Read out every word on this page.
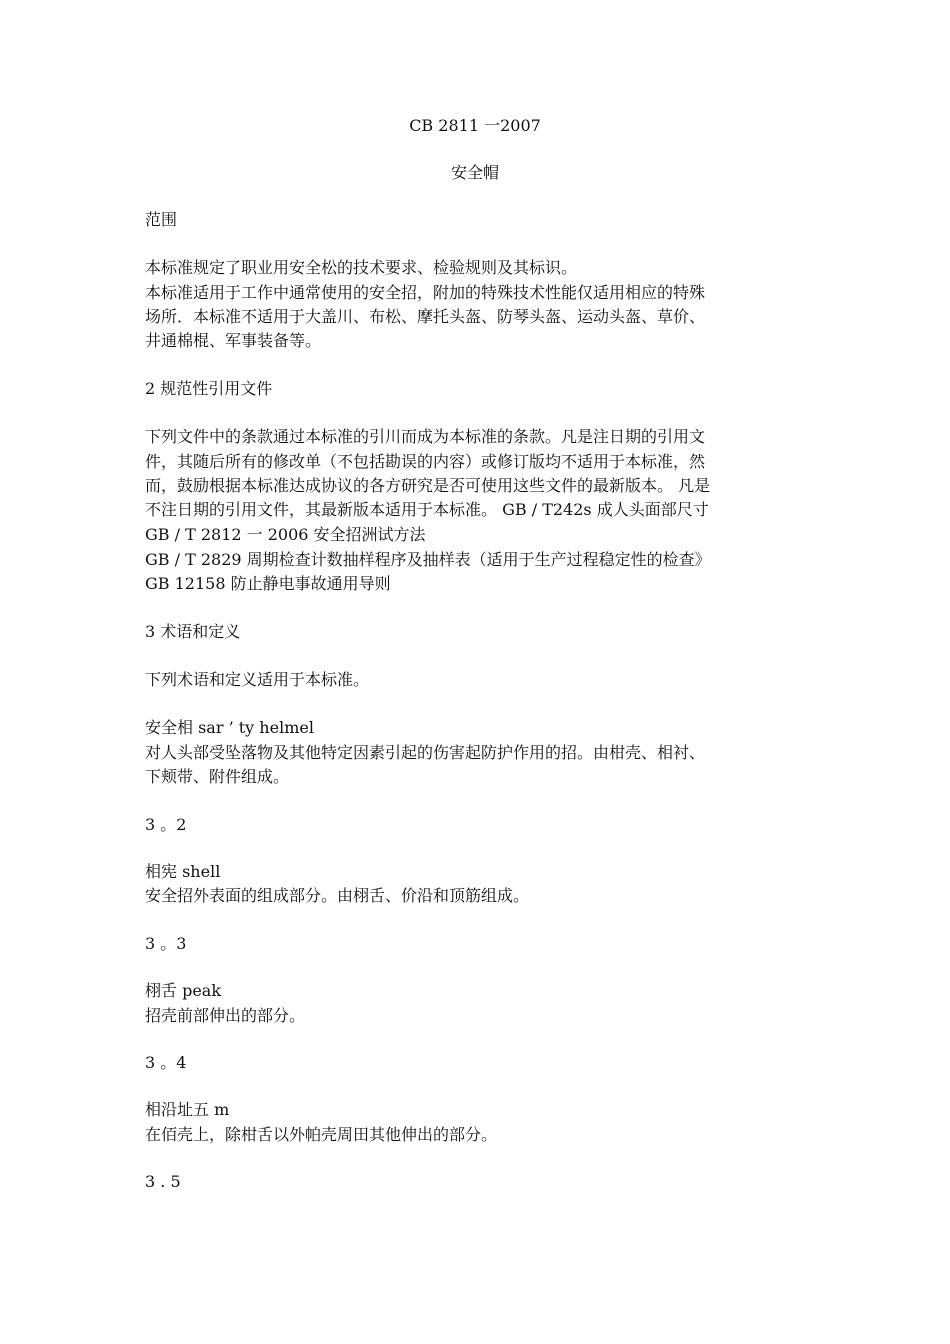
CB 2811 一2007
安全帽
范围
本标准规定了职业用安全松的技术要求、检验规则及其标识。
本标准适用于工作中通常使用的安全招，附加的特殊技术性能仅适用相应的特殊
场所．本标准不适用于大盖川、布松、摩托头盔、防琴头盔、运动头盔、草价、
井通棉棍、军事装备等。
2 规范性引用文件
下列文件中的条款通过本标准的引川而成为本标准的条款。凡是注日期的引用文
件，其随后所有的修改单（不包括勘误的内容）或修订版均不适用于本标准，然
而，鼓励根据本标准达成协议的各方研究是否可使用这些文件的最新版本。 凡是
不注日期的引用文件，其最新版本适用于本标准。 GB / T242s 成人头面部尺寸
GB / T 2812 一 2006 安全招洲试方法
GB / T 2829 周期检查计数抽样程序及抽样表（适用于生产过程稳定性的检查》
GB 12158 防止静电事故通用导则
3 术语和定义
下列术语和定义适用于本标准。
安全相 sar ’ ty helmel
对人头部受坠落物及其他特定因素引起的伤害起防护作用的招。由柑壳、相衬、
下颊带、附件组成。
3 。2
相宪 shell
安全招外表面的组成部分。由栩舌、价沿和顶筋组成。
3 。3
栩舌 peak
招壳前部伸出的部分。
3 。4
相沿址五 m
在佰壳上，除柑舌以外帕壳周田其他伸出的部分。
3 . 5
